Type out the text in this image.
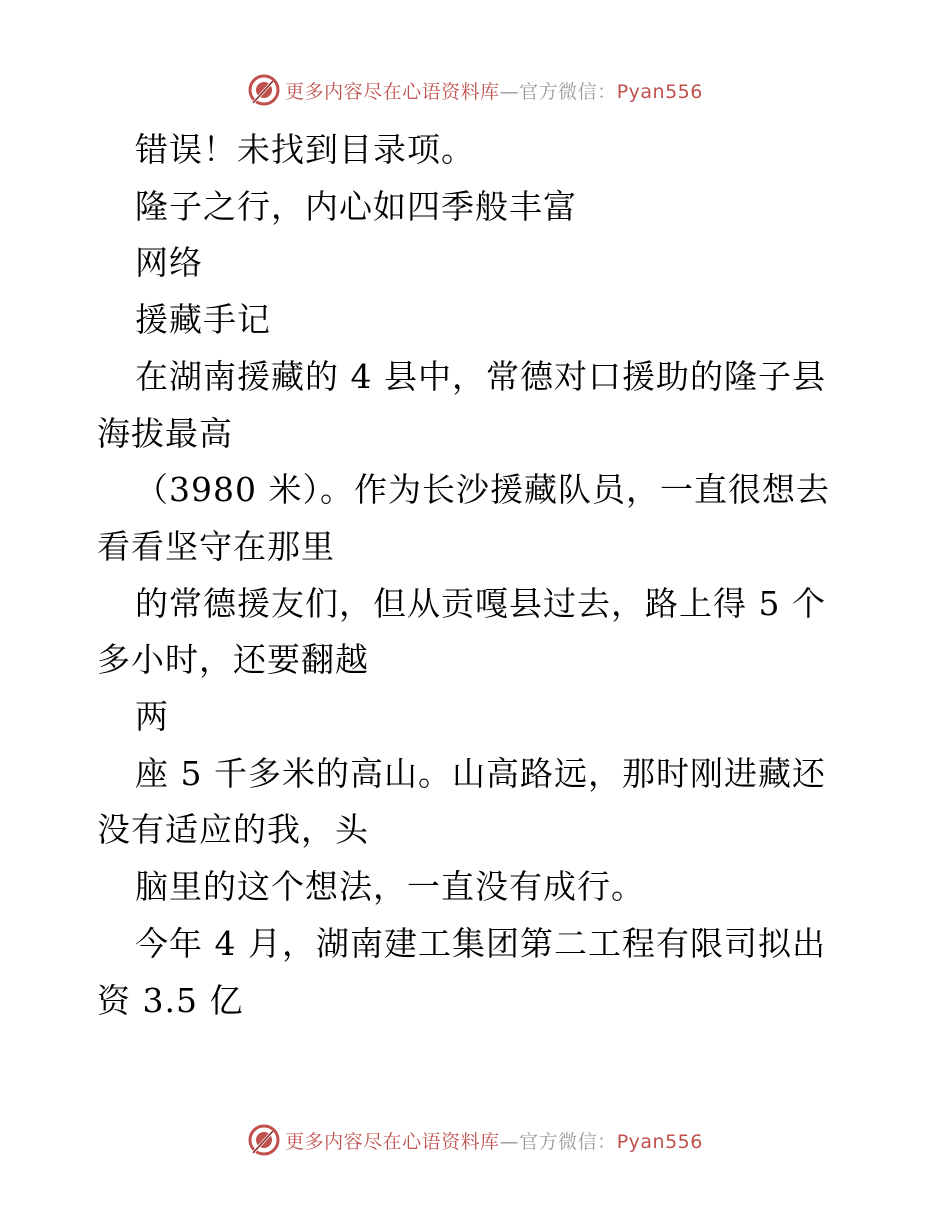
更多内容尽在心语资料库—官方微信：Pyan556

错误！未找到目录项。

隆子之行，内心如四季般丰富

网络

援藏手记

在湖南援藏的 4 县中，常德对口援助的隆子县海拔最高

（3980 米）。作为长沙援藏队员，一直很想去看看坚守在那里

的常德援友们，但从贡嘎县过去，路上得 5 个多小时，还要翻越

两

座 5 千多米的高山。山高路远，那时刚进藏还没有适应的我，头

脑里的这个想法，一直没有成行。

今年 4 月，湖南建工集团第二工程有限司拟出资 3.5 亿

更多内容尽在心语资料库—官方微信：Pyan556
